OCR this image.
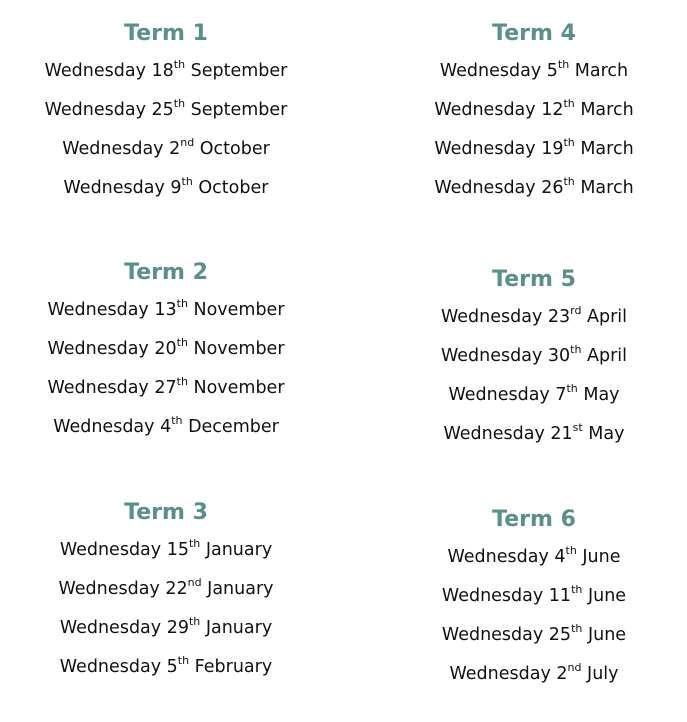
Term 1
Wednesday 18th September
Wednesday 25th September
Wednesday 2nd October
Wednesday 9th October
Term 2
Wednesday 13th November
Wednesday 20th November
Wednesday 27th November
Wednesday 4th December
Term 3
Wednesday 15th January
Wednesday 22nd January
Wednesday 29th January
Wednesday 5th February
Term 4
Wednesday 5th March
Wednesday 12th March
Wednesday 19th March
Wednesday 26th March
Term 5
Wednesday 23rd April
Wednesday 30th April
Wednesday 7th May
Wednesday 21st May
Term 6
Wednesday 4th June
Wednesday 11th June
Wednesday 25th June
Wednesday 2nd July
